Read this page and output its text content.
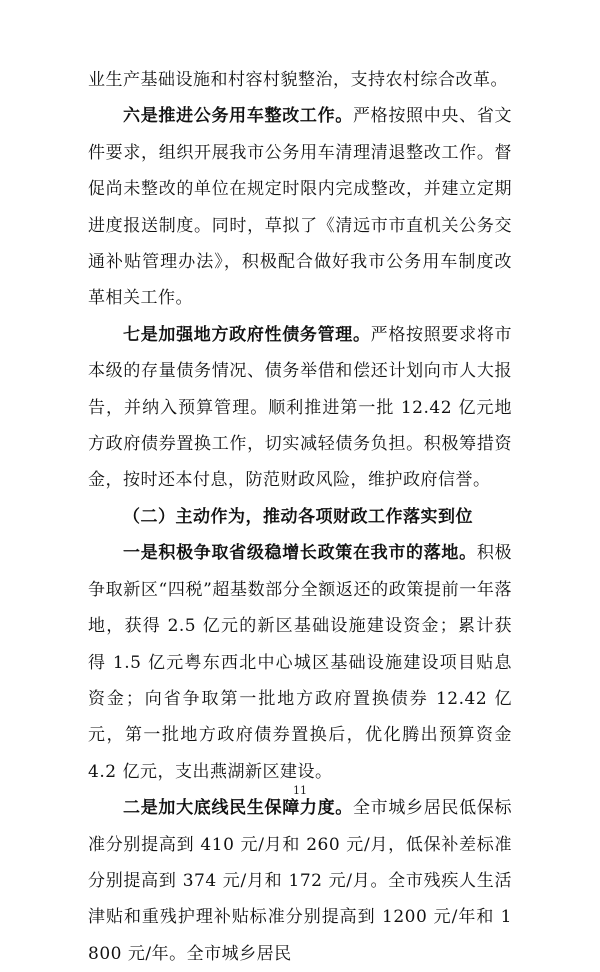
业生产基础设施和村容村貌整治，支持农村综合改革。

六是推进公务用车整改工作。严格按照中央、省文件要求，组织开展我市公务用车清理清退整改工作。督促尚未整改的单位在规定时限内完成整改，并建立定期进度报送制度。同时，草拟了《清远市市直机关公务交通补贴管理办法》，积极配合做好我市公务用车制度改革相关工作。

七是加强地方政府性债务管理。严格按照要求将市本级的存量债务情况、债务举借和偿还计划向市人大报告，并纳入预算管理。顺利推进第一批 12.42 亿元地方政府债券置换工作，切实减轻债务负担。积极筹措资金，按时还本付息，防范财政风险，维护政府信誉。

（二）主动作为，推动各项财政工作落实到位

一是积极争取省级稳增长政策在我市的落地。积极争取新区“四税”超基数部分全额返还的政策提前一年落地，获得 2.5 亿元的新区基础设施建设资金；累计获得 1.5 亿元粤东西北中心城区基础设施建设项目贴息资金；向省争取第一批地方政府置换债券 12.42 亿元，第一批地方政府债券置换后，优化腾出预算资金 4.2 亿元，支出燕湖新区建设。

二是加大底线民生保障力度。全市城乡居民低保标准分别提高到 410 元/月和 260 元/月，低保补差标准分别提高到 374 元/月和 172 元/月。全市残疾人生活津贴和重残护理补贴标准分别提高到 1200 元/年和 1800 元/年。全市城乡居民

11
